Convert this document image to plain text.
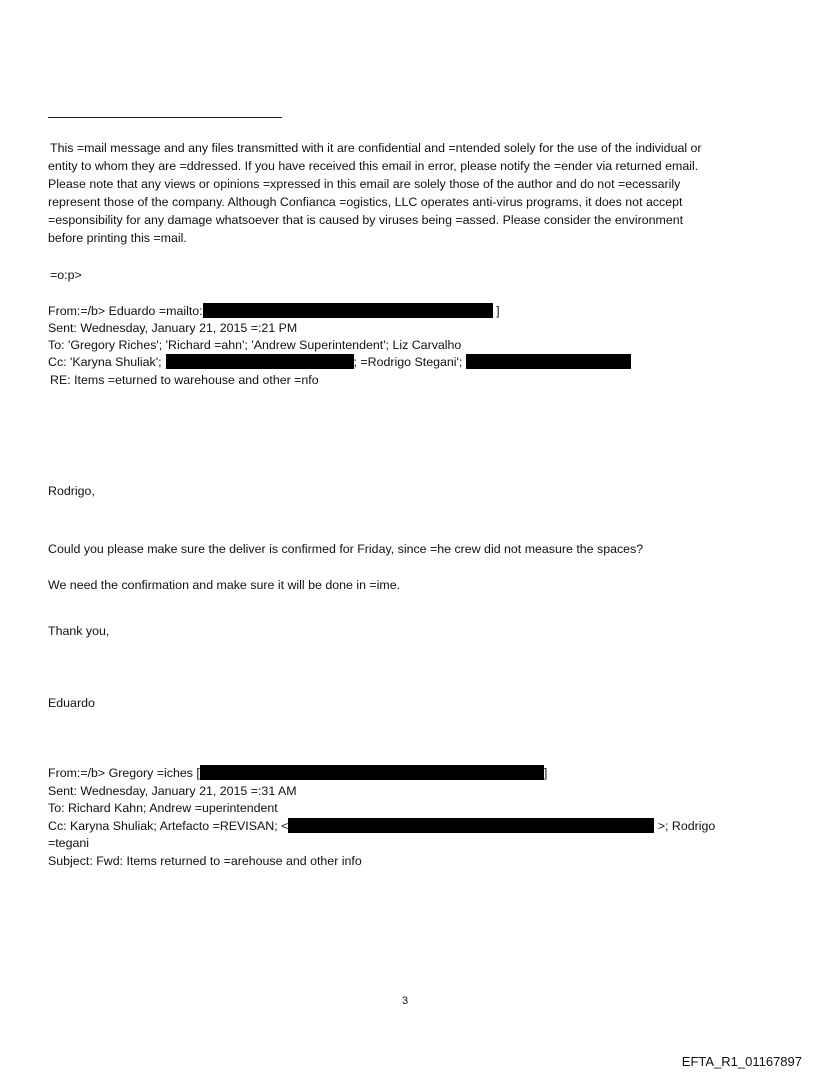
This =mail message and any files transmitted with it are confidential and =ntended solely for the use of the individual or
entity to whom they are =ddressed. If you have received this email in error, please notify the =ender via returned email.
Please note that any views or opinions =xpressed in this email are solely those of the author and do not =ecessarily
represent those of the company. Although Confianca =ogistics, LLC operates anti-virus programs, it does not accept
=esponsibility for any damage whatsoever that is caused by viruses being =assed. Please consider the environment
before printing this =mail.
=o:p>
From:=/b> Eduardo =mailto:	]
Sent: Wednesday, January 21, 2015 =:21 PM
To: 'Gregory Riches'; 'Richard =ahn'; 'Andrew Superintendent'; Liz Carvalho
Cc: 'Karyna Shuliak';	; =Rodrigo Stegani';
RE: Items =eturned to warehouse and other =nfo
Rodrigo,
Could you please make sure the deliver is confirmed for Friday, since =he crew did not measure the spaces?
We need the confirmation and make sure it will be done in =ime.
Thank you,
Eduardo
From:=/b> Gregory =iches [	]
Sent: Wednesday, January 21, 2015 =:31 AM
To: Richard Kahn; Andrew =uperintendent
Cc: Karyna Shuliak; Artefacto =REVISAN; <	>; Rodrigo
=tegani
Subject: Fwd: Items returned to =arehouse and other info
3
EFTA_R1_01167897
